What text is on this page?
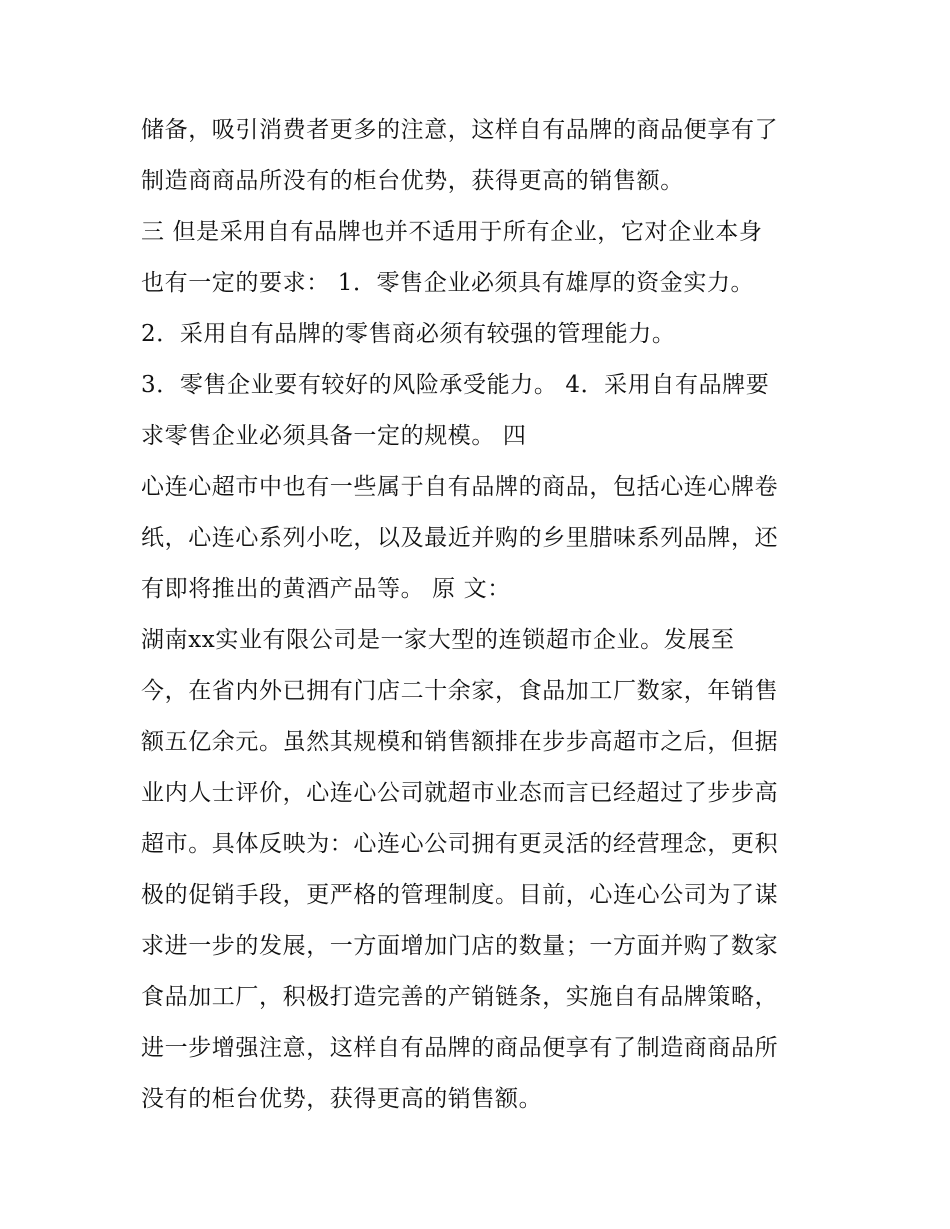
储备，吸引消费者更多的注意，这样自有品牌的商品便享有了
制造商商品所没有的柜台优势，获得更高的销售额。
三 但是采用自有品牌也并不适用于所有企业，它对企业本身
也有一定的要求： 1．零售企业必须具有雄厚的资金实力。
2．采用自有品牌的零售商必须有较强的管理能力。
3．零售企业要有较好的风险承受能力。 4．采用自有品牌要
求零售企业必须具备一定的规模。 四
心连心超市中也有一些属于自有品牌的商品，包括心连心牌卷
纸，心连心系列小吃，以及最近并购的乡里腊味系列品牌，还
有即将推出的黄酒产品等。 原 文：
湖南xx实业有限公司是一家大型的连锁超市企业。发展至
今，在省内外已拥有门店二十余家，食品加工厂数家，年销售
额五亿余元。虽然其规模和销售额排在步步高超市之后，但据
业内人士评价，心连心公司就超市业态而言已经超过了步步高
超市。具体反映为：心连心公司拥有更灵活的经营理念，更积
极的促销手段，更严格的管理制度。目前，心连心公司为了谋
求进一步的发展，一方面增加门店的数量；一方面并购了数家
食品加工厂，积极打造完善的产销链条，实施自有品牌策略，
进一步增强注意，这样自有品牌的商品便享有了制造商商品所
没有的柜台优势，获得更高的销售额。
